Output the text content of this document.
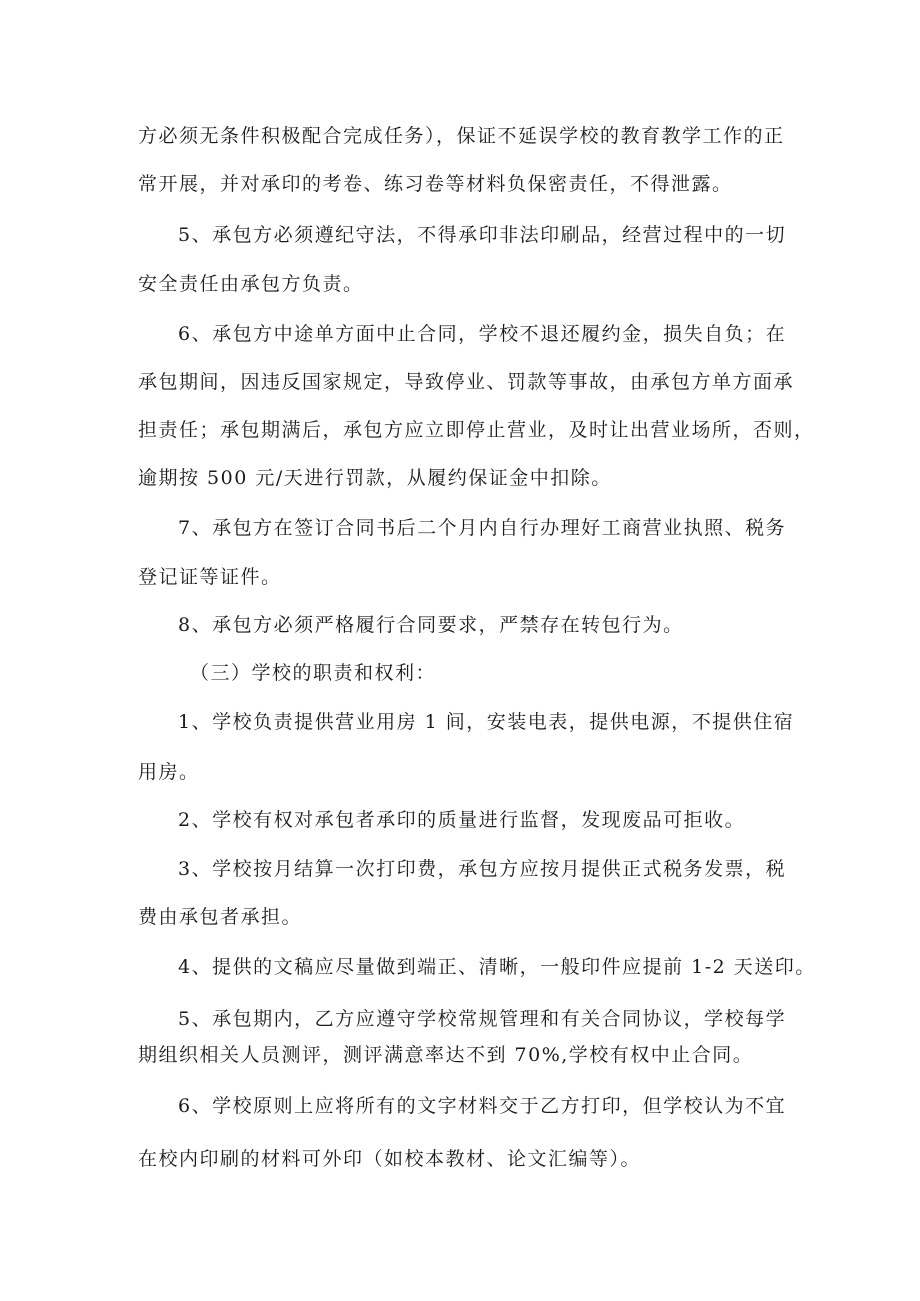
方必须无条件积极配合完成任务），保证不延误学校的教育教学工作的正

常开展，并对承印的考卷、练习卷等材料负保密责任，不得泄露。

5、承包方必须遵纪守法，不得承印非法印刷品，经营过程中的一切

安全责任由承包方负责。

6、承包方中途单方面中止合同，学校不退还履约金，损失自负；在

承包期间，因违反国家规定，导致停业、罚款等事故，由承包方单方面承

担责任；承包期满后，承包方应立即停止营业，及时让出营业场所，否则，

逾期按 500 元/天进行罚款，从履约保证金中扣除。

7、承包方在签订合同书后二个月内自行办理好工商营业执照、税务

登记证等证件。

8、承包方必须严格履行合同要求，严禁存在转包行为。

（三）学校的职责和权利：

1、学校负责提供营业用房 1 间，安装电表，提供电源，不提供住宿

用房。

2、学校有权对承包者承印的质量进行监督，发现废品可拒收。

3、学校按月结算一次打印费，承包方应按月提供正式税务发票，税

费由承包者承担。

4、提供的文稿应尽量做到端正、清晰，一般印件应提前 1-2 天送印。

5、承包期内，乙方应遵守学校常规管理和有关合同协议，学校每学

期组织相关人员测评，测评满意率达不到 70%,学校有权中止合同。

6、学校原则上应将所有的文字材料交于乙方打印，但学校认为不宜

在校内印刷的材料可外印（如校本教材、论文汇编等）。
